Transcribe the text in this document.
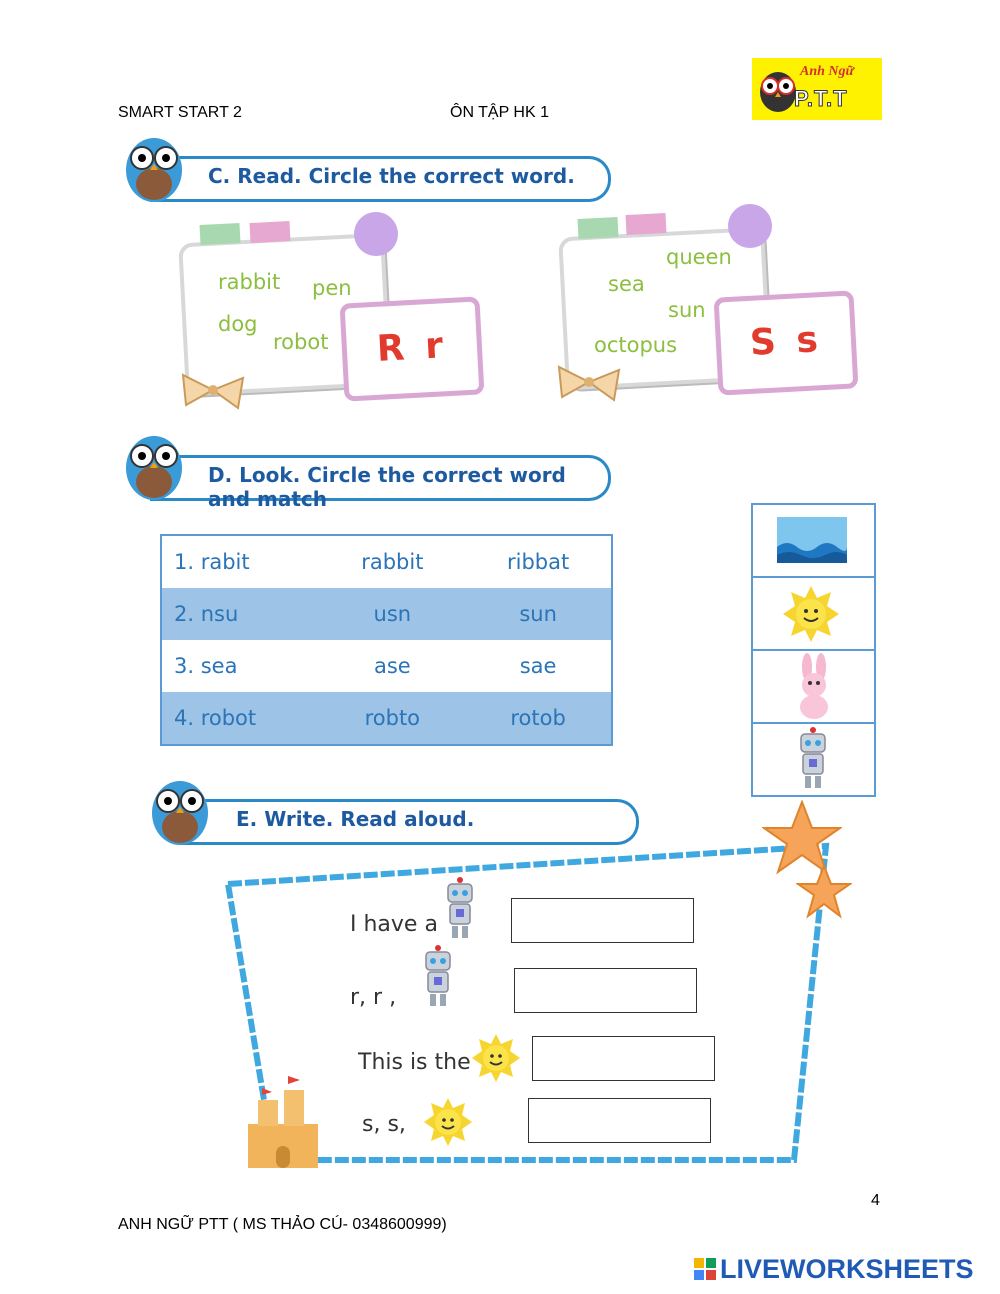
SMART START 2	ÔN TẬP HK 1
Anh Ngữ
P.T.T
C. Read. Circle the correct word.
rabbit pen
dog
robot	R r
queen
sea
sun
octopus	S s
D. Look. Circle the correct word and match
1. rabit	rabbit	ribbat
2. nsu	usn	sun
3. sea	ase	sae
4. robot	robto	rotob
E. Write. Read aloud.
I have a
r, r ,
This is the
s, s,
4
ANH NGỮ PTT ( MS THẢO CÚ- 0348600999)
LIVEWORKSHEETS
